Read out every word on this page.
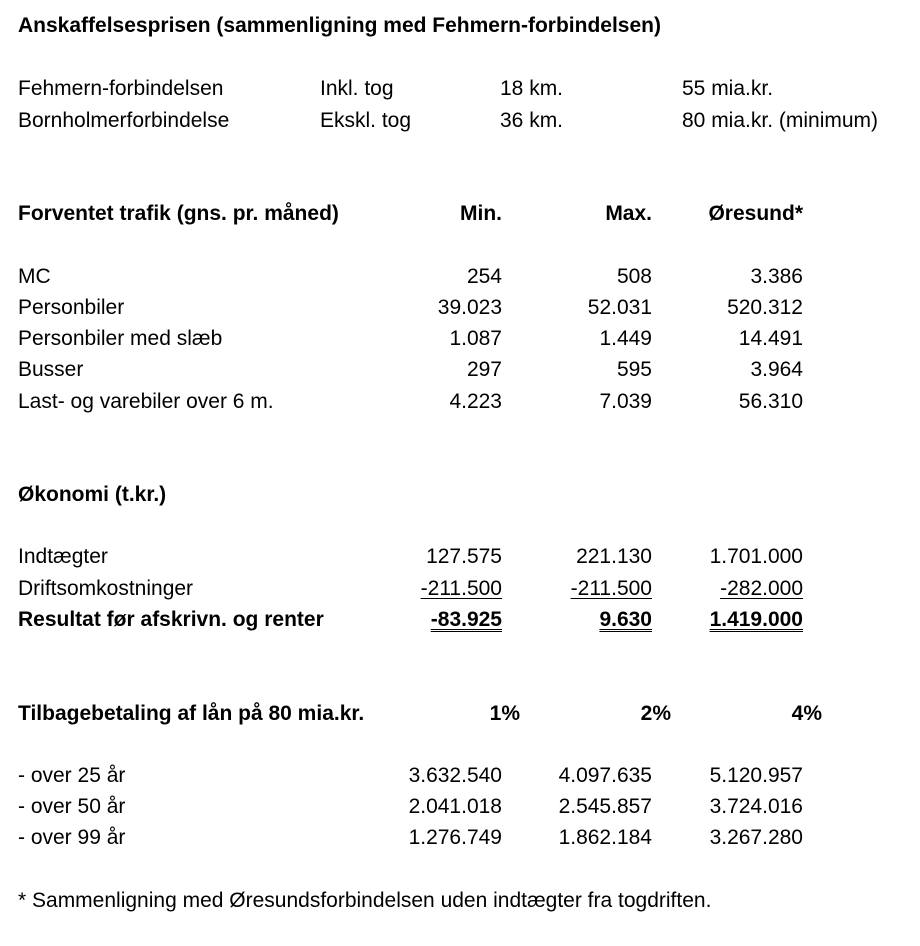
Anskaffelsesprisen (sammenligning med Fehmern-forbindelsen)
Fehmern-forbindelsen	Inkl. tog	18 km.	55 mia.kr.
Bornholmerforbindelse	Ekskl. tog	36 km.	80 mia.kr. (minimum)
Forventet trafik (gns. pr. måned)	Min.	Max.	Øresund*
MC	254	508	3.386
Personbiler	39.023	52.031	520.312
Personbiler med slæb	1.087	1.449	14.491
Busser	297	595	3.964
Last- og varebiler over 6 m.	4.223	7.039	56.310
Økonomi (t.kr.)
Indtægter	127.575	221.130	1.701.000
Driftsomkostninger	-211.500	-211.500	-282.000
Resultat før afskrivn. og renter	-83.925	9.630	1.419.000
Tilbagebetaling af lån på 80 mia.kr.	1%	2%	4%
- over 25 år	3.632.540	4.097.635	5.120.957
- over 50 år	2.041.018	2.545.857	3.724.016
- over 99 år	1.276.749	1.862.184	3.267.280
* Sammenligning med Øresundsforbindelsen uden indtægter fra togdriften.
